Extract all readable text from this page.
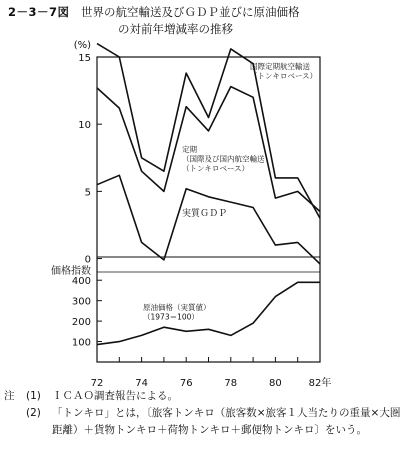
2－3－7図　 世界の航空輸送及びＧＤＰ並びに原油価格
の対前年増減率の推移
72	74	76	78	80	82年
15
10
5
0
(%)
400
300
200
100
価格指数
国際定期航空輸送（トンキロベース）
定期（国際及び国内航空輸送（トンキロベース）
実質ＧＤＰ
原油価格（実質値）（1973＝100）
注	(1)	ＩＣＡＯ調査報告による。
(2)	「トンキロ」とは，〔旅客トンキロ（旅客数×旅客１人当たりの重量×大圏距離）＋貨物トンキロ＋荷物トンキロ＋郵便物トンキロ〕をいう。
